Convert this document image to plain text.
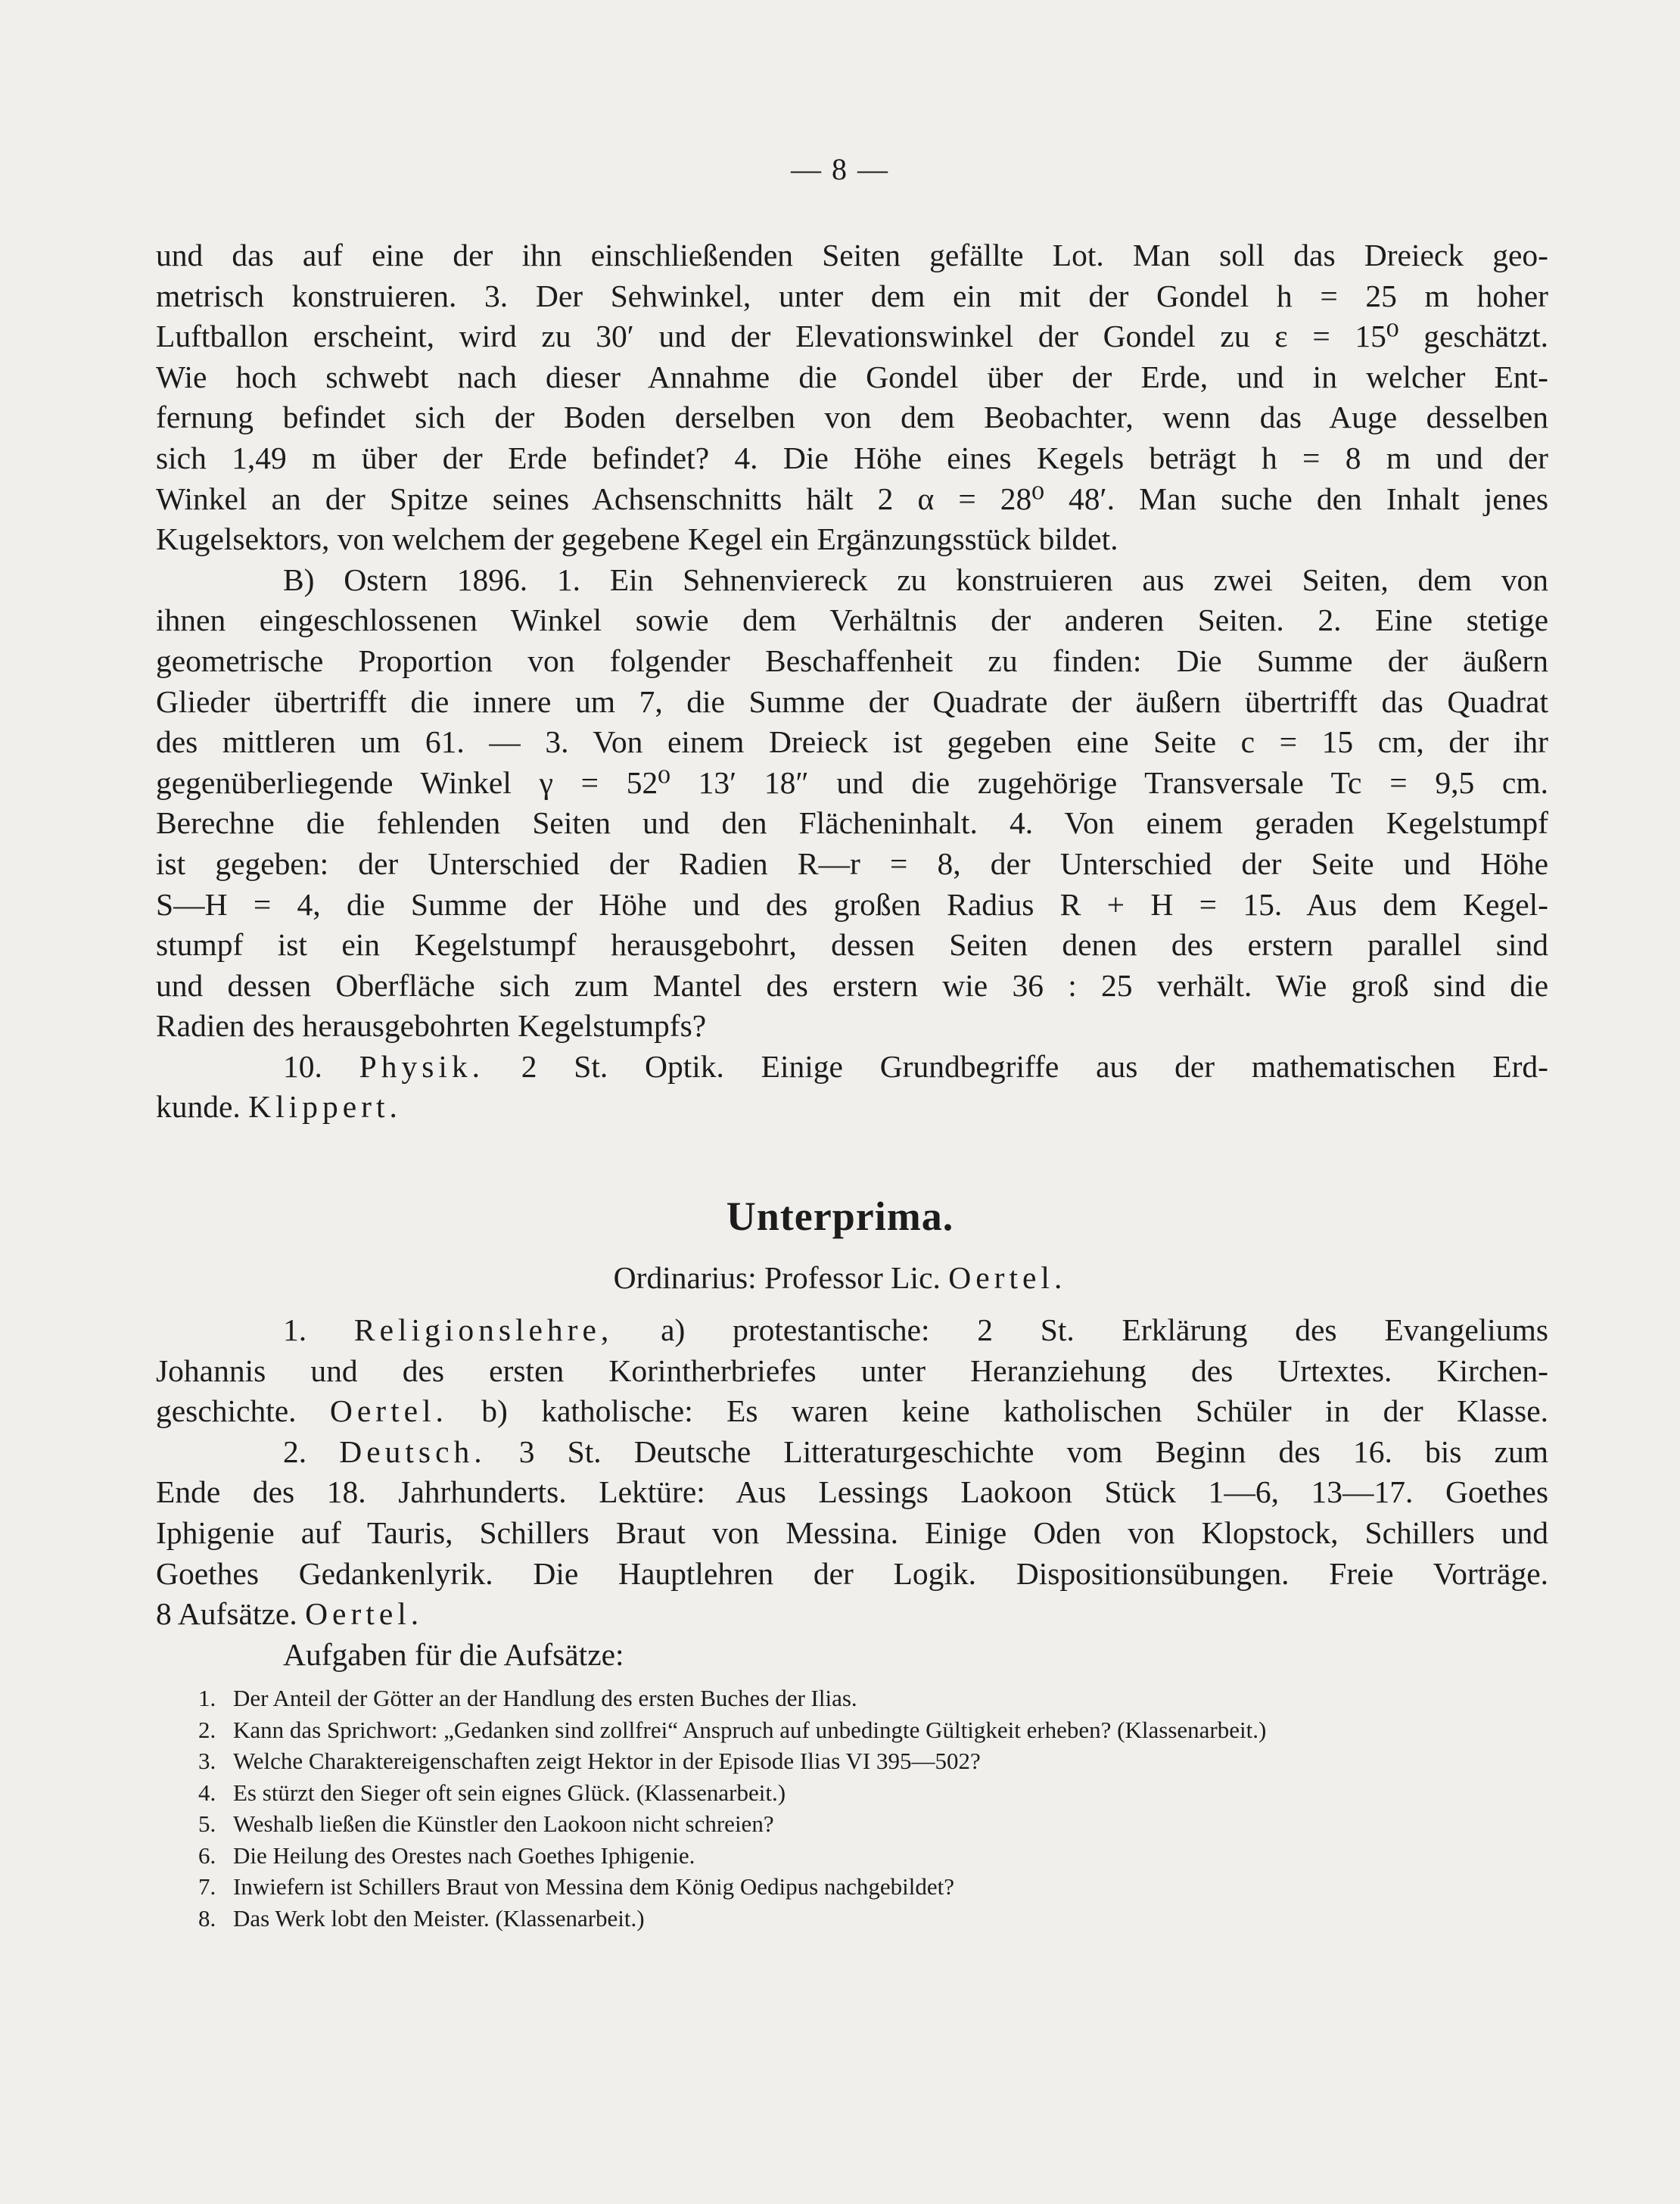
— 8 —
und das auf eine der ihn einschließenden Seiten gefällte Lot. Man soll das Dreieck geo-
metrisch konstruieren. 3. Der Sehwinkel, unter dem ein mit der Gondel h = 25 m hoher
Luftballon erscheint, wird zu 30′ und der Elevationswinkel der Gondel zu ε = 15⁰ geschätzt.
Wie hoch schwebt nach dieser Annahme die Gondel über der Erde, und in welcher Ent-
fernung befindet sich der Boden derselben von dem Beobachter, wenn das Auge desselben
sich 1,49 m über der Erde befindet? 4. Die Höhe eines Kegels beträgt h = 8 m und der
Winkel an der Spitze seines Achsenschnitts hält 2 α = 28⁰ 48′. Man suche den Inhalt jenes
Kugelsektors, von welchem der gegebene Kegel ein Ergänzungsstück bildet.
B) Ostern 1896. 1. Ein Sehnenviereck zu konstruieren aus zwei Seiten, dem von
ihnen eingeschlossenen Winkel sowie dem Verhältnis der anderen Seiten. 2. Eine stetige
geometrische Proportion von folgender Beschaffenheit zu finden: Die Summe der äußern
Glieder übertrifft die innere um 7, die Summe der Quadrate der äußern übertrifft das Quadrat
des mittleren um 61. — 3. Von einem Dreieck ist gegeben eine Seite c = 15 cm, der ihr
gegenüberliegende Winkel γ = 52⁰ 13′ 18″ und die zugehörige Transversale Tc = 9,5 cm.
Berechne die fehlenden Seiten und den Flächeninhalt. 4. Von einem geraden Kegelstumpf
ist gegeben: der Unterschied der Radien R—r = 8, der Unterschied der Seite und Höhe
S—H = 4, die Summe der Höhe und des großen Radius R + H = 15. Aus dem Kegel-
stumpf ist ein Kegelstumpf herausgebohrt, dessen Seiten denen des erstern parallel sind
und dessen Oberfläche sich zum Mantel des erstern wie 36 : 25 verhält. Wie groß sind die
Radien des herausgebohrten Kegelstumpfs?
10. Physik. 2 St. Optik. Einige Grundbegriffe aus der mathematischen Erd-
kunde. Klippert.
Unterprima.
Ordinarius: Professor Lic. Oertel.
1. Religionslehre, a) protestantische: 2 St. Erklärung des Evangeliums
Johannis und des ersten Korintherbriefes unter Heranziehung des Urtextes. Kirchen-
geschichte. Oertel. b) katholische: Es waren keine katholischen Schüler in der Klasse.
2. Deutsch. 3 St. Deutsche Litteraturgeschichte vom Beginn des 16. bis zum
Ende des 18. Jahrhunderts. Lektüre: Aus Lessings Laokoon Stück 1—6, 13—17. Goethes
Iphigenie auf Tauris, Schillers Braut von Messina. Einige Oden von Klopstock, Schillers und
Goethes Gedankenlyrik. Die Hauptlehren der Logik. Dispositionsübungen. Freie Vorträge.
8 Aufsätze. Oertel.
Aufgaben für die Aufsätze:
1. Der Anteil der Götter an der Handlung des ersten Buches der Ilias.
2. Kann das Sprichwort: „Gedanken sind zollfrei“ Anspruch auf unbedingte Gültigkeit erheben? (Klassenarbeit.)
3. Welche Charaktereigenschaften zeigt Hektor in der Episode Ilias VI 395—502?
4. Es stürzt den Sieger oft sein eignes Glück. (Klassenarbeit.)
5. Weshalb ließen die Künstler den Laokoon nicht schreien?
6. Die Heilung des Orestes nach Goethes Iphigenie.
7. Inwiefern ist Schillers Braut von Messina dem König Oedipus nachgebildet?
8. Das Werk lobt den Meister. (Klassenarbeit.)
